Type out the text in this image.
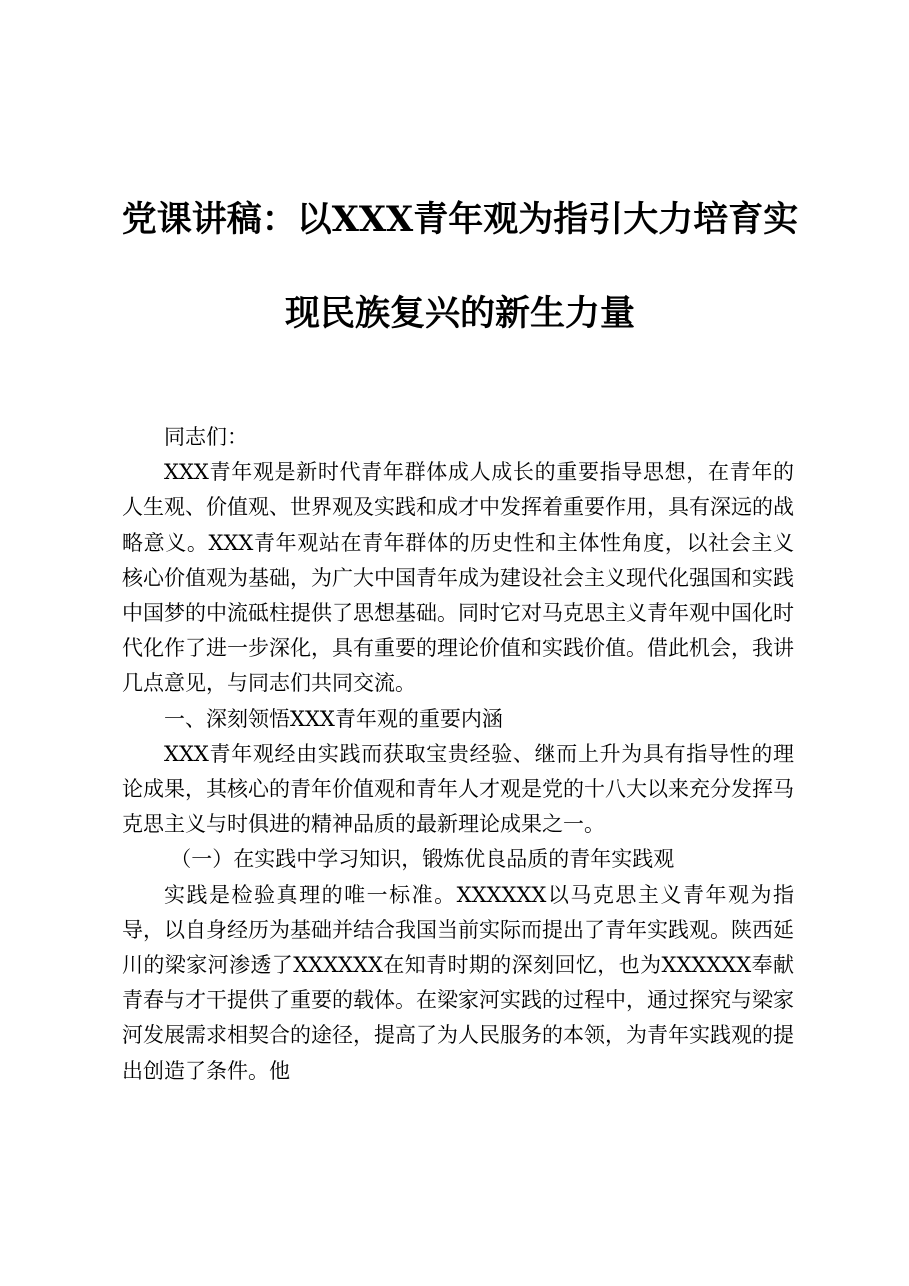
党课讲稿：以XXX青年观为指引大力培育实
现民族复兴的新生力量

同志们：

XXX青年观是新时代青年群体成人成长的重要指导思想，在青年的人生观、价值观、世界观及实践和成才中发挥着重要作用，具有深远的战略意义。XXX青年观站在青年群体的历史性和主体性角度，以社会主义核心价值观为基础，为广大中国青年成为建设社会主义现代化强国和实践中国梦的中流砥柱提供了思想基础。同时它对马克思主义青年观中国化时代化作了进一步深化，具有重要的理论价值和实践价值。借此机会，我讲几点意见，与同志们共同交流。

一、深刻领悟XXX青年观的重要内涵

XXX青年观经由实践而获取宝贵经验、继而上升为具有指导性的理论成果，其核心的青年价值观和青年人才观是党的十八大以来充分发挥马克思主义与时俱进的精神品质的最新理论成果之一。

（一）在实践中学习知识，锻炼优良品质的青年实践观

实践是检验真理的唯一标准。XXXXXX以马克思主义青年观为指导，以自身经历为基础并结合我国当前实际而提出了青年实践观。陕西延川的梁家河渗透了XXXXXX在知青时期的深刻回忆，也为XXXXXX奉献青春与才干提供了重要的载体。在梁家河实践的过程中，通过探究与梁家河发展需求相契合的途径，提高了为人民服务的本领，为青年实践观的提出创造了条件。他
